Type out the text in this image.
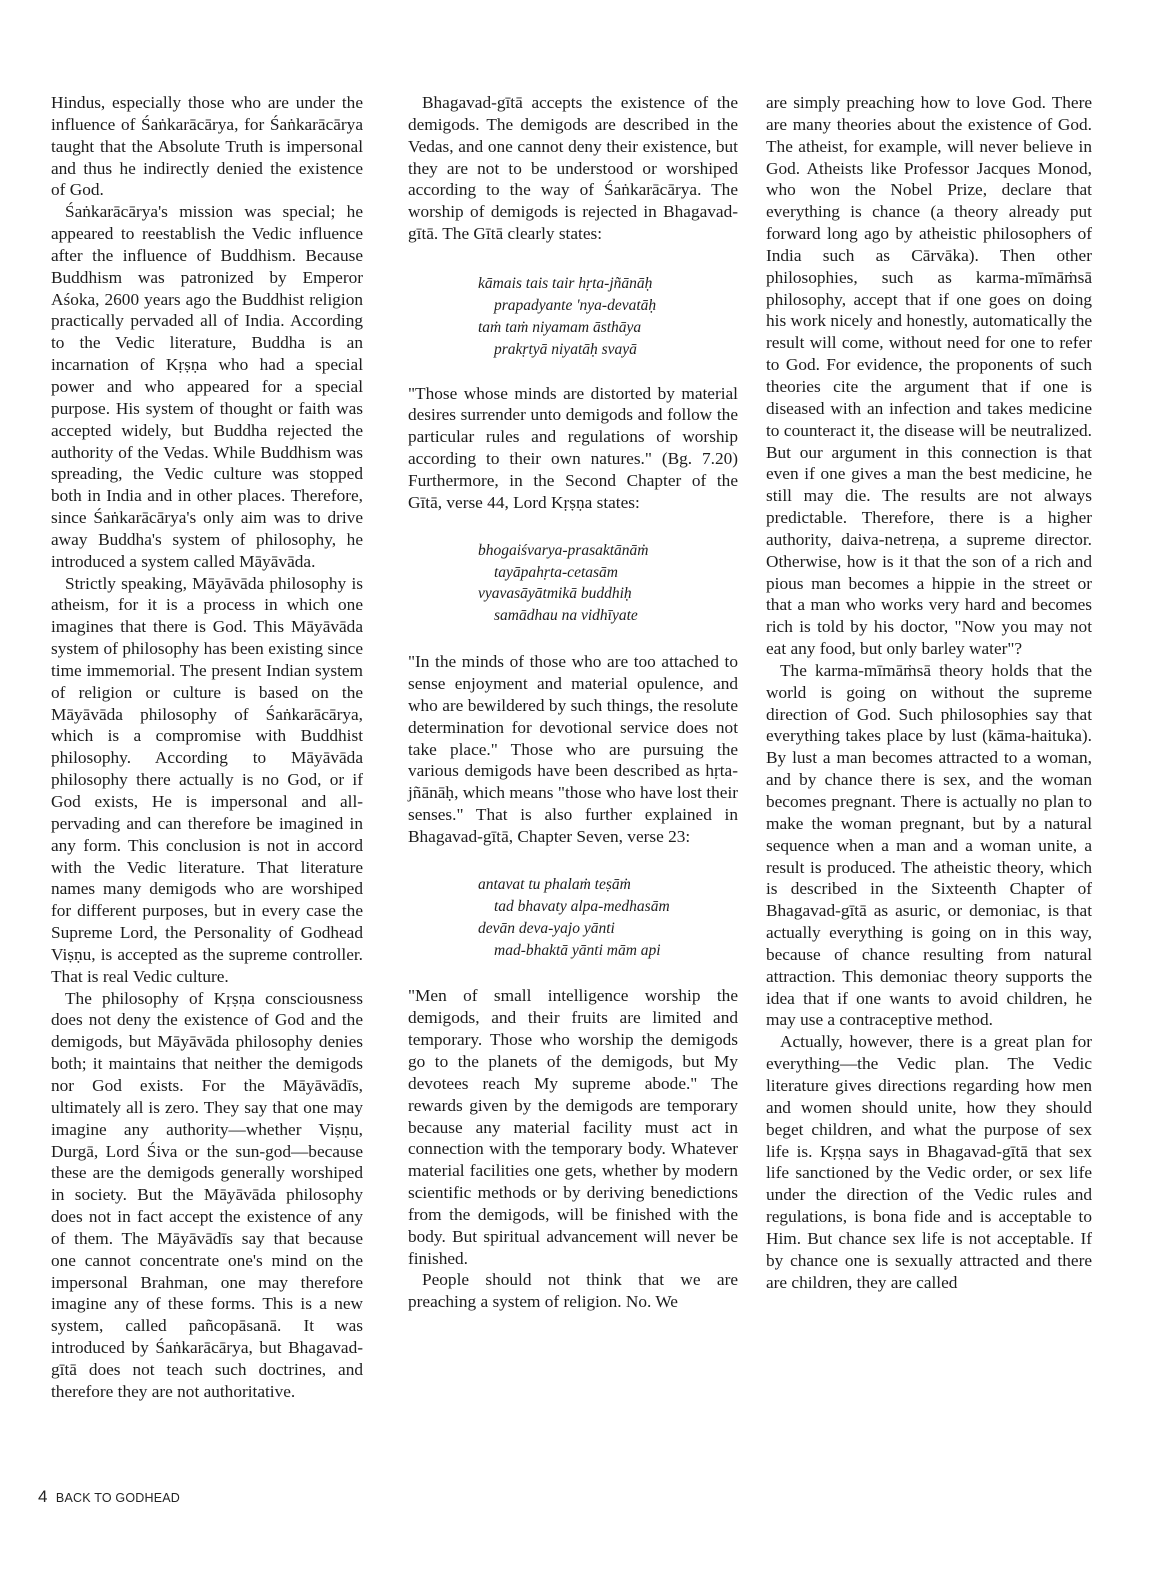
Hindus, especially those who are under the influence of Śaṅkarācārya, for Śaṅkarācārya taught that the Absolute Truth is impersonal and thus he indirectly denied the existence of God.

Śaṅkarācārya's mission was special; he appeared to reestablish the Vedic influence after the influence of Buddhism. Because Buddhism was patronized by Emperor Aśoka, 2600 years ago the Buddhist religion practically pervaded all of India. According to the Vedic literature, Buddha is an incarnation of Kṛṣṇa who had a special power and who appeared for a special purpose. His system of thought or faith was accepted widely, but Buddha rejected the authority of the Vedas. While Buddhism was spreading, the Vedic culture was stopped both in India and in other places. Therefore, since Śaṅkarācārya's only aim was to drive away Buddha's system of philosophy, he introduced a system called Māyāvāda.

Strictly speaking, Māyāvāda philosophy is atheism, for it is a process in which one imagines that there is God. This Māyāvāda system of philosophy has been existing since time immemorial. The present Indian system of religion or culture is based on the Māyāvāda philosophy of Śaṅkarācārya, which is a compromise with Buddhist philosophy. According to Māyāvāda philosophy there actually is no God, or if God exists, He is impersonal and all-pervading and can therefore be imagined in any form. This conclusion is not in accord with the Vedic literature. That literature names many demigods who are worshiped for different purposes, but in every case the Supreme Lord, the Personality of Godhead Viṣṇu, is accepted as the supreme controller. That is real Vedic culture.

The philosophy of Kṛṣṇa consciousness does not deny the existence of God and the demigods, but Māyāvāda philosophy denies both; it maintains that neither the demigods nor God exists. For the Māyāvādīs, ultimately all is zero. They say that one may imagine any authority—whether Viṣṇu, Durgā, Lord Śiva or the sun-god—because these are the demigods generally worshiped in society. But the Māyāvāda philosophy does not in fact accept the existence of any of them. The Māyāvādīs say that because one cannot concentrate one's mind on the impersonal Brahman, one may therefore imagine any of these forms. This is a new system, called pañcopāsanā. It was introduced by Śaṅkarācārya, but Bhagavad-gītā does not teach such doctrines, and therefore they are not authoritative.

Bhagavad-gītā accepts the existence of the demigods. The demigods are described in the Vedas, and one cannot deny their existence, but they are not to be understood or worshiped according to the way of Śaṅkarācārya. The worship of demigods is rejected in Bhagavad-gītā. The Gītā clearly states:

kāmais tais tair hṛta-jñānāḥ
prapadyante 'nya-devatāḥ
taṁ taṁ niyamam āsthāya
prakṛtyā niyatāḥ svayā

"Those whose minds are distorted by material desires surrender unto demigods and follow the particular rules and regulations of worship according to their own natures." (Bg. 7.20) Furthermore, in the Second Chapter of the Gītā, verse 44, Lord Kṛṣṇa states:

bhogaiśvarya-prasaktānāṁ
tayāpahṛta-cetasām
vyavasāyātmikā buddhiḥ
samādhau na vidhīyate

"In the minds of those who are too attached to sense enjoyment and material opulence, and who are bewildered by such things, the resolute determination for devotional service does not take place." Those who are pursuing the various demigods have been described as hṛta-jñānāḥ, which means "those who have lost their senses." That is also further explained in Bhagavad-gītā, Chapter Seven, verse 23:

antavat tu phalaṁ teṣāṁ
tad bhavaty alpa-medhasām
devān deva-yajo yānti
mad-bhaktā yānti mām api

"Men of small intelligence worship the demigods, and their fruits are limited and temporary. Those who worship the demigods go to the planets of the demigods, but My devotees reach My supreme abode." The rewards given by the demigods are temporary because any material facility must act in connection with the temporary body. Whatever material facilities one gets, whether by modern scientific methods or by deriving benedictions from the demigods, will be finished with the body. But spiritual advancement will never be finished.

People should not think that we are preaching a system of religion. No. We

are simply preaching how to love God. There are many theories about the existence of God. The atheist, for example, will never believe in God. Atheists like Professor Jacques Monod, who won the Nobel Prize, declare that everything is chance (a theory already put forward long ago by atheistic philosophers of India such as Cārvāka). Then other philosophies, such as karma-mīmāṁsā philosophy, accept that if one goes on doing his work nicely and honestly, automatically the result will come, without need for one to refer to God. For evidence, the proponents of such theories cite the argument that if one is diseased with an infection and takes medicine to counteract it, the disease will be neutralized. But our argument in this connection is that even if one gives a man the best medicine, he still may die. The results are not always predictable. Therefore, there is a higher authority, daiva-netreṇa, a supreme director. Otherwise, how is it that the son of a rich and pious man becomes a hippie in the street or that a man who works very hard and becomes rich is told by his doctor, "Now you may not eat any food, but only barley water"?

The karma-mīmāṁsā theory holds that the world is going on without the supreme direction of God. Such philosophies say that everything takes place by lust (kāma-haituka). By lust a man becomes attracted to a woman, and by chance there is sex, and the woman becomes pregnant. There is actually no plan to make the woman pregnant, but by a natural sequence when a man and a woman unite, a result is produced. The atheistic theory, which is described in the Sixteenth Chapter of Bhagavad-gītā as asuric, or demoniac, is that actually everything is going on in this way, because of chance resulting from natural attraction. This demoniac theory supports the idea that if one wants to avoid children, he may use a contraceptive method.

Actually, however, there is a great plan for everything—the Vedic plan. The Vedic literature gives directions regarding how men and women should unite, how they should beget children, and what the purpose of sex life is. Kṛṣṇa says in Bhagavad-gītā that sex life sanctioned by the Vedic order, or sex life under the direction of the Vedic rules and regulations, is bona fide and is acceptable to Him. But chance sex life is not acceptable. If by chance one is sexually attracted and there are children, they are called

4 BACK TO GODHEAD
